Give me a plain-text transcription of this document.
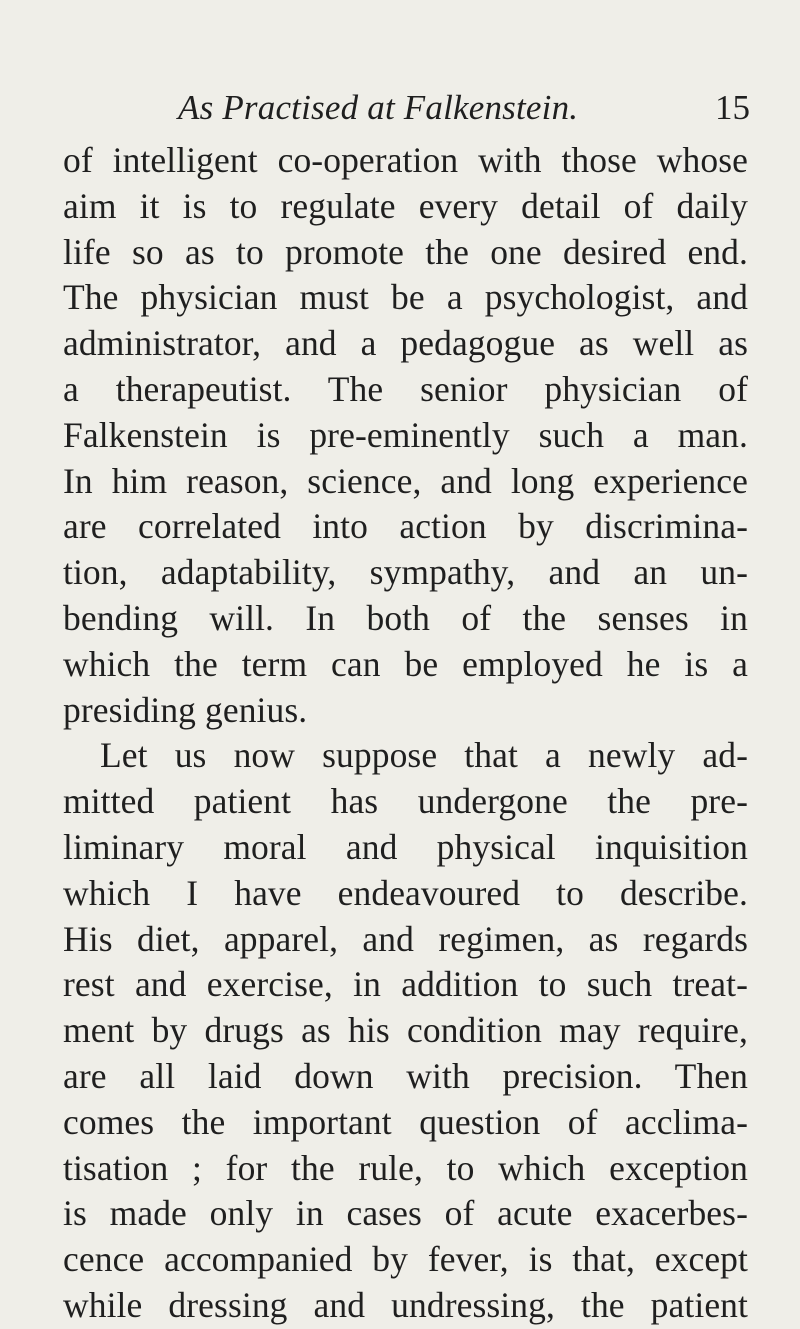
As Practised at Falkenstein.	15
of intelligent co-operation with those whose
aim it is to regulate every detail of daily
life so as to promote the one desired end.
The physician must be a psychologist, and
administrator, and a pedagogue as well as
a therapeutist. The senior physician of
Falkenstein is pre-eminently such a man.
In him reason, science, and long experience
are correlated into action by discrimina-
tion, adaptability, sympathy, and an un-
bending will. In both of the senses in
which the term can be employed he is a
presiding genius.
Let us now suppose that a newly ad-
mitted patient has undergone the pre-
liminary moral and physical inquisition
which I have endeavoured to describe.
His diet, apparel, and regimen, as regards
rest and exercise, in addition to such treat-
ment by drugs as his condition may require,
are all laid down with precision. Then
comes the important question of acclima-
tisation ; for the rule, to which exception
is made only in cases of acute exacerbes-
cence accompanied by fever, is that, except
while dressing and undressing, the patient
